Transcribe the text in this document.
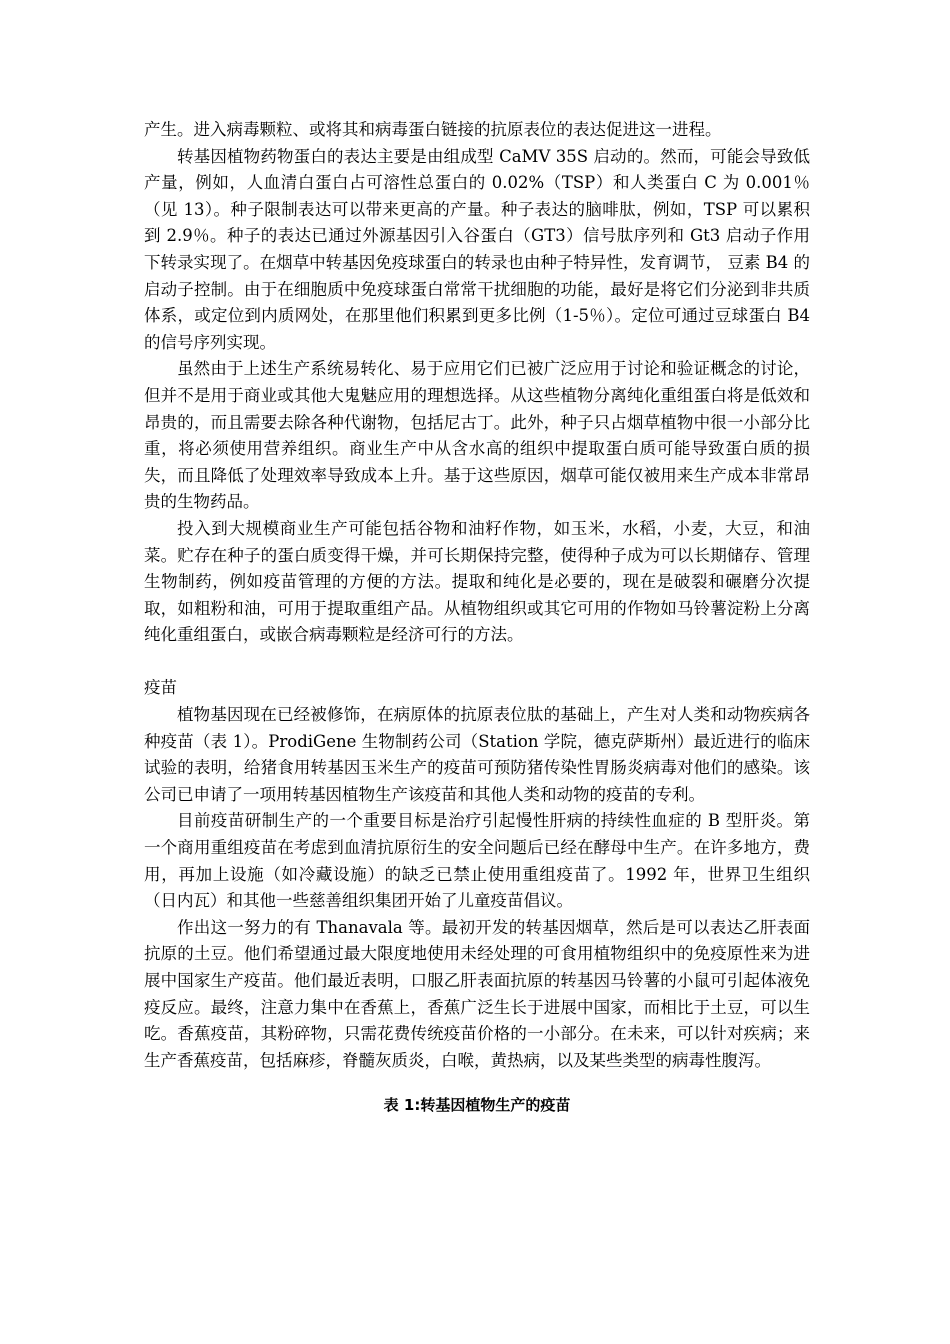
产生。进入病毒颗粒、或将其和病毒蛋白链接的抗原表位的表达促进这一进程。

转基因植物药物蛋白的表达主要是由组成型 CaMV 35S 启动的。然而，可能会导致低产量，例如，人血清白蛋白占可溶性总蛋白的 0.02%（TSP）和人类蛋白 C 为 0.001％（见 13）。种子限制表达可以带来更高的产量。种子表达的脑啡肽，例如，TSP 可以累积到 2.9％。种子的表达已通过外源基因引入谷蛋白（GT3）信号肽序列和 Gt3 启动子作用下转录实现了。在烟草中转基因免疫球蛋白的转录也由种子特异性，发育调节， 豆素 B4 的启动子控制。由于在细胞质中免疫球蛋白常常干扰细胞的功能，最好是将它们分泌到非共质体系，或定位到内质网处，在那里他们积累到更多比例（1-5％）。定位可通过豆球蛋白 B4 的信号序列实现。

虽然由于上述生产系统易转化、易于应用它们已被广泛应用于讨论和验证概念的讨论，但并不是用于商业或其他大鬼魅应用的理想选择。从这些植物分离纯化重组蛋白将是低效和昂贵的，而且需要去除各种代谢物，包括尼古丁。此外，种子只占烟草植物中很一小部分比重，将必须使用营养组织。商业生产中从含水高的组织中提取蛋白质可能导致蛋白质的损失，而且降低了处理效率导致成本上升。基于这些原因，烟草可能仅被用来生产成本非常昂贵的生物药品。

投入到大规模商业生产可能包括谷物和油籽作物，如玉米，水稻，小麦，大豆，和油菜。贮存在种子的蛋白质变得干燥，并可长期保持完整，使得种子成为可以长期储存、管理生物制药，例如疫苗管理的方便的方法。提取和纯化是必要的，现在是破裂和碾磨分次提取，如粗粉和油，可用于提取重组产品。从植物组织或其它可用的作物如马铃薯淀粉上分离纯化重组蛋白，或嵌合病毒颗粒是经济可行的方法。

疫苗

植物基因现在已经被修饰，在病原体的抗原表位肽的基础上，产生对人类和动物疾病各种疫苗（表 1）。ProdiGene 生物制药公司（Station 学院，德克萨斯州）最近进行的临床试验的表明，给猪食用转基因玉米生产的疫苗可预防猪传染性胃肠炎病毒对他们的感染。该公司已申请了一项用转基因植物生产该疫苗和其他人类和动物的疫苗的专利。

目前疫苗研制生产的一个重要目标是治疗引起慢性肝病的持续性血症的 B 型肝炎。第一个商用重组疫苗在考虑到血清抗原衍生的安全问题后已经在酵母中生产。在许多地方，费用，再加上设施（如冷藏设施）的缺乏已禁止使用重组疫苗了。1992 年，世界卫生组织（日内瓦）和其他一些慈善组织集团开始了儿童疫苗倡议。

作出这一努力的有 Thanavala 等。最初开发的转基因烟草，然后是可以表达乙肝表面抗原的土豆。他们希望通过最大限度地使用未经处理的可食用植物组织中的免疫原性来为进展中国家生产疫苗。他们最近表明，口服乙肝表面抗原的转基因马铃薯的小鼠可引起体液免疫反应。最终，注意力集中在香蕉上，香蕉广泛生长于进展中国家，而相比于土豆，可以生吃。香蕉疫苗，其粉碎物，只需花费传统疫苗价格的一小部分。在未来，可以针对疾病；来生产香蕉疫苗，包括麻疹，脊髓灰质炎，白喉，黄热病，以及某些类型的病毒性腹泻。

表 1:转基因植物生产的疫苗
